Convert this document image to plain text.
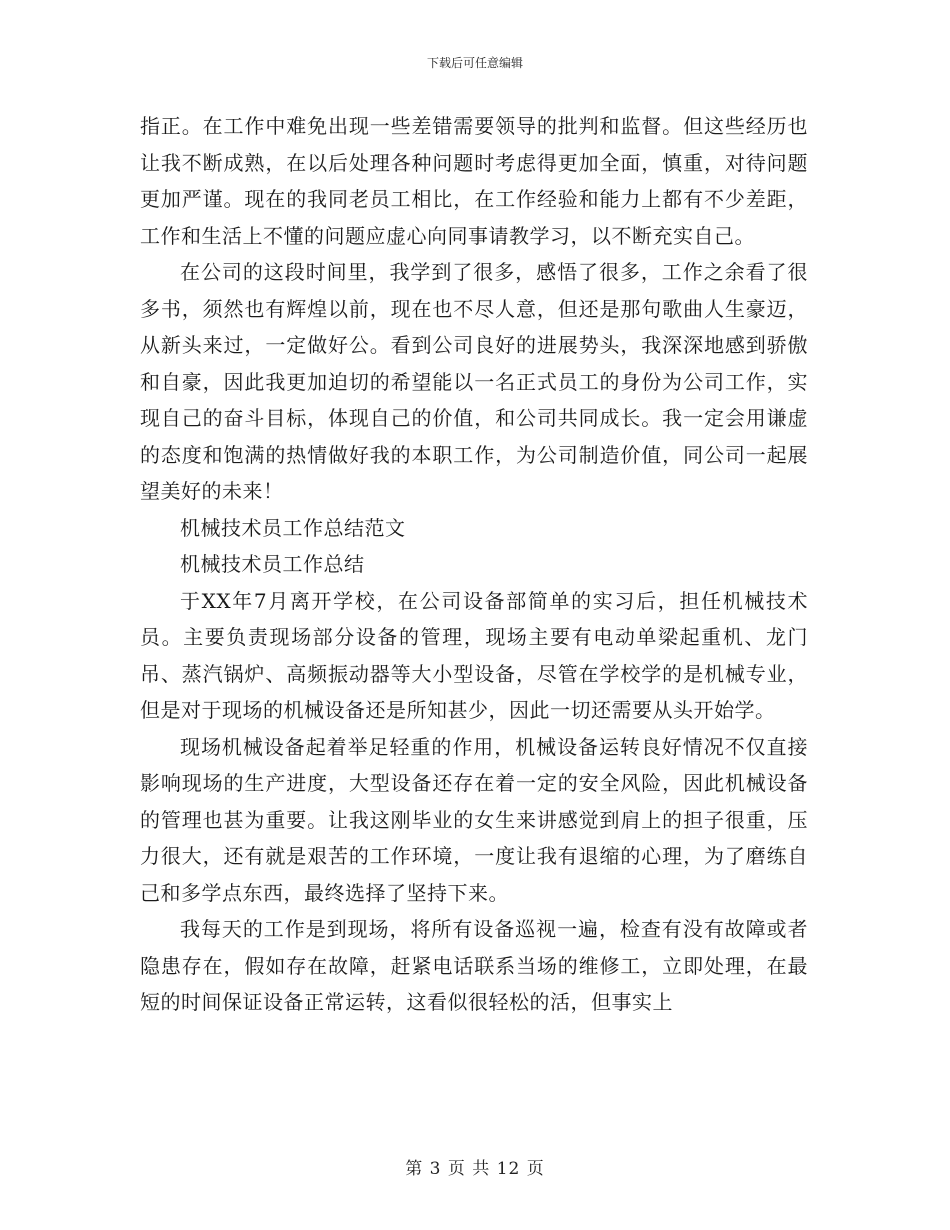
下载后可任意编辑

指正。在工作中难免出现一些差错需要领导的批判和监督。但这些经历也让我不断成熟，在以后处理各种问题时考虑得更加全面，慎重，对待问题更加严谨。现在的我同老员工相比，在工作经验和能力上都有不少差距，工作和生活上不懂的问题应虚心向同事请教学习，以不断充实自己。

在公司的这段时间里，我学到了很多，感悟了很多，工作之余看了很多书，须然也有辉煌以前，现在也不尽人意，但还是那句歌曲人生豪迈，从新头来过，一定做好公。看到公司良好的进展势头，我深深地感到骄傲和自豪，因此我更加迫切的希望能以一名正式员工的身份为公司工作，实现自己的奋斗目标，体现自己的价值，和公司共同成长。我一定会用谦虚的态度和饱满的热情做好我的本职工作，为公司制造价值，同公司一起展望美好的未来！

机械技术员工作总结范文

机械技术员工作总结

于XX年7月离开学校，在公司设备部简单的实习后，担任机械技术员。主要负责现场部分设备的管理，现场主要有电动单梁起重机、龙门吊、蒸汽锅炉、高频振动器等大小型设备，尽管在学校学的是机械专业，但是对于现场的机械设备还是所知甚少，因此一切还需要从头开始学。

现场机械设备起着举足轻重的作用，机械设备运转良好情况不仅直接影响现场的生产进度，大型设备还存在着一定的安全风险，因此机械设备的管理也甚为重要。让我这刚毕业的女生来讲感觉到肩上的担子很重，压力很大，还有就是艰苦的工作环境，一度让我有退缩的心理，为了磨练自己和多学点东西，最终选择了坚持下来。

我每天的工作是到现场，将所有设备巡视一遍，检查有没有故障或者隐患存在，假如存在故障，赶紧电话联系当场的维修工，立即处理，在最短的时间保证设备正常运转，这看似很轻松的活，但事实上

第 3 页 共 12 页
